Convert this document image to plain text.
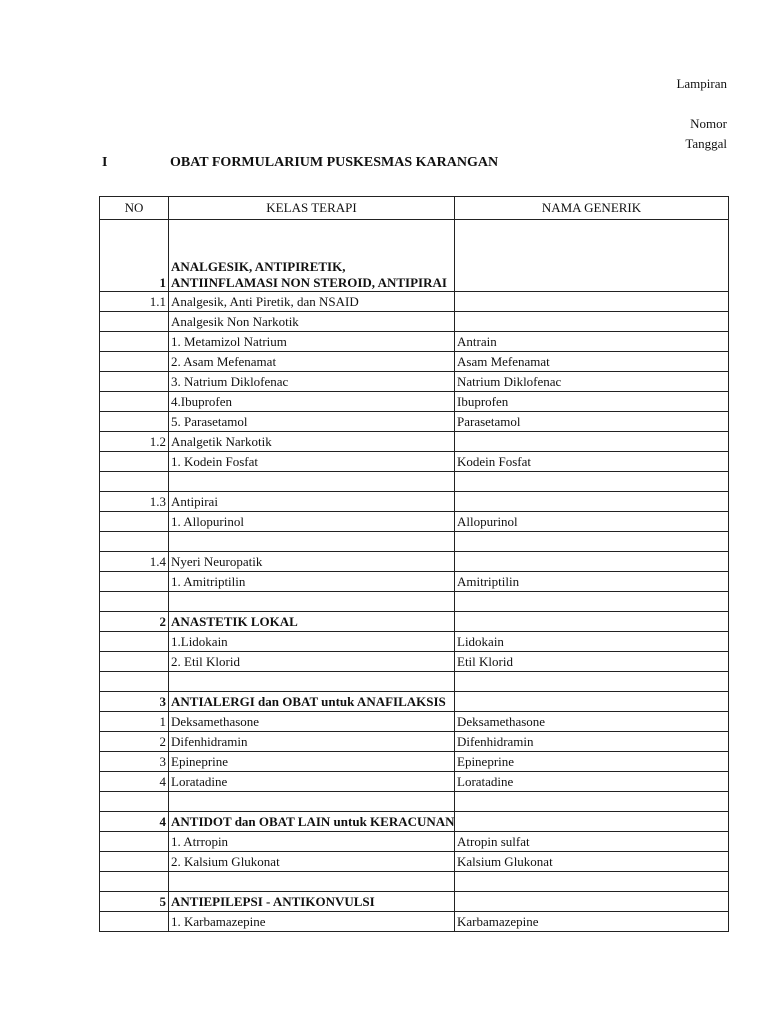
Lampiran
Nomor
Tanggal
I	OBAT FORMULARIUM PUSKESMAS KARANGAN
NO	KELAS TERAPI	NAMA GENERIK
1	ANALGESIK, ANTIPIRETIK, ANTIINFLAMASI NON STEROID, ANTIPIRAI	
1.1	Analgesik, Anti Piretik, dan NSAID	
	Analgesik Non Narkotik	
	1. Metamizol Natrium	Antrain
	2. Asam Mefenamat	Asam Mefenamat
	3. Natrium Diklofenac	Natrium Diklofenac
	4.Ibuprofen	Ibuprofen
	5. Parasetamol	Parasetamol
1.2	Analgetik Narkotik	
	1. Kodein Fosfat	Kodein Fosfat

1.3	Antipirai	
	1. Allopurinol	Allopurinol

1.4	Nyeri Neuropatik	
	1. Amitriptilin	Amitriptilin

2	ANASTETIK LOKAL	
	1.Lidokain	Lidokain
	2. Etil Klorid	Etil Klorid

3	ANTIALERGI dan OBAT untuk ANAFILAKSIS	
1	Deksamethasone	Deksamethasone
2	Difenhidramin	Difenhidramin
3	Epineprine	Epineprine
4	Loratadine	Loratadine

4	ANTIDOT dan OBAT LAIN untuk KERACUNAN	
	1. Atrropin	Atropin sulfat
	2. Kalsium Glukonat	Kalsium Glukonat

5	ANTIEPILEPSI - ANTIKONVULSI	
	1. Karbamazepine	Karbamazepine
